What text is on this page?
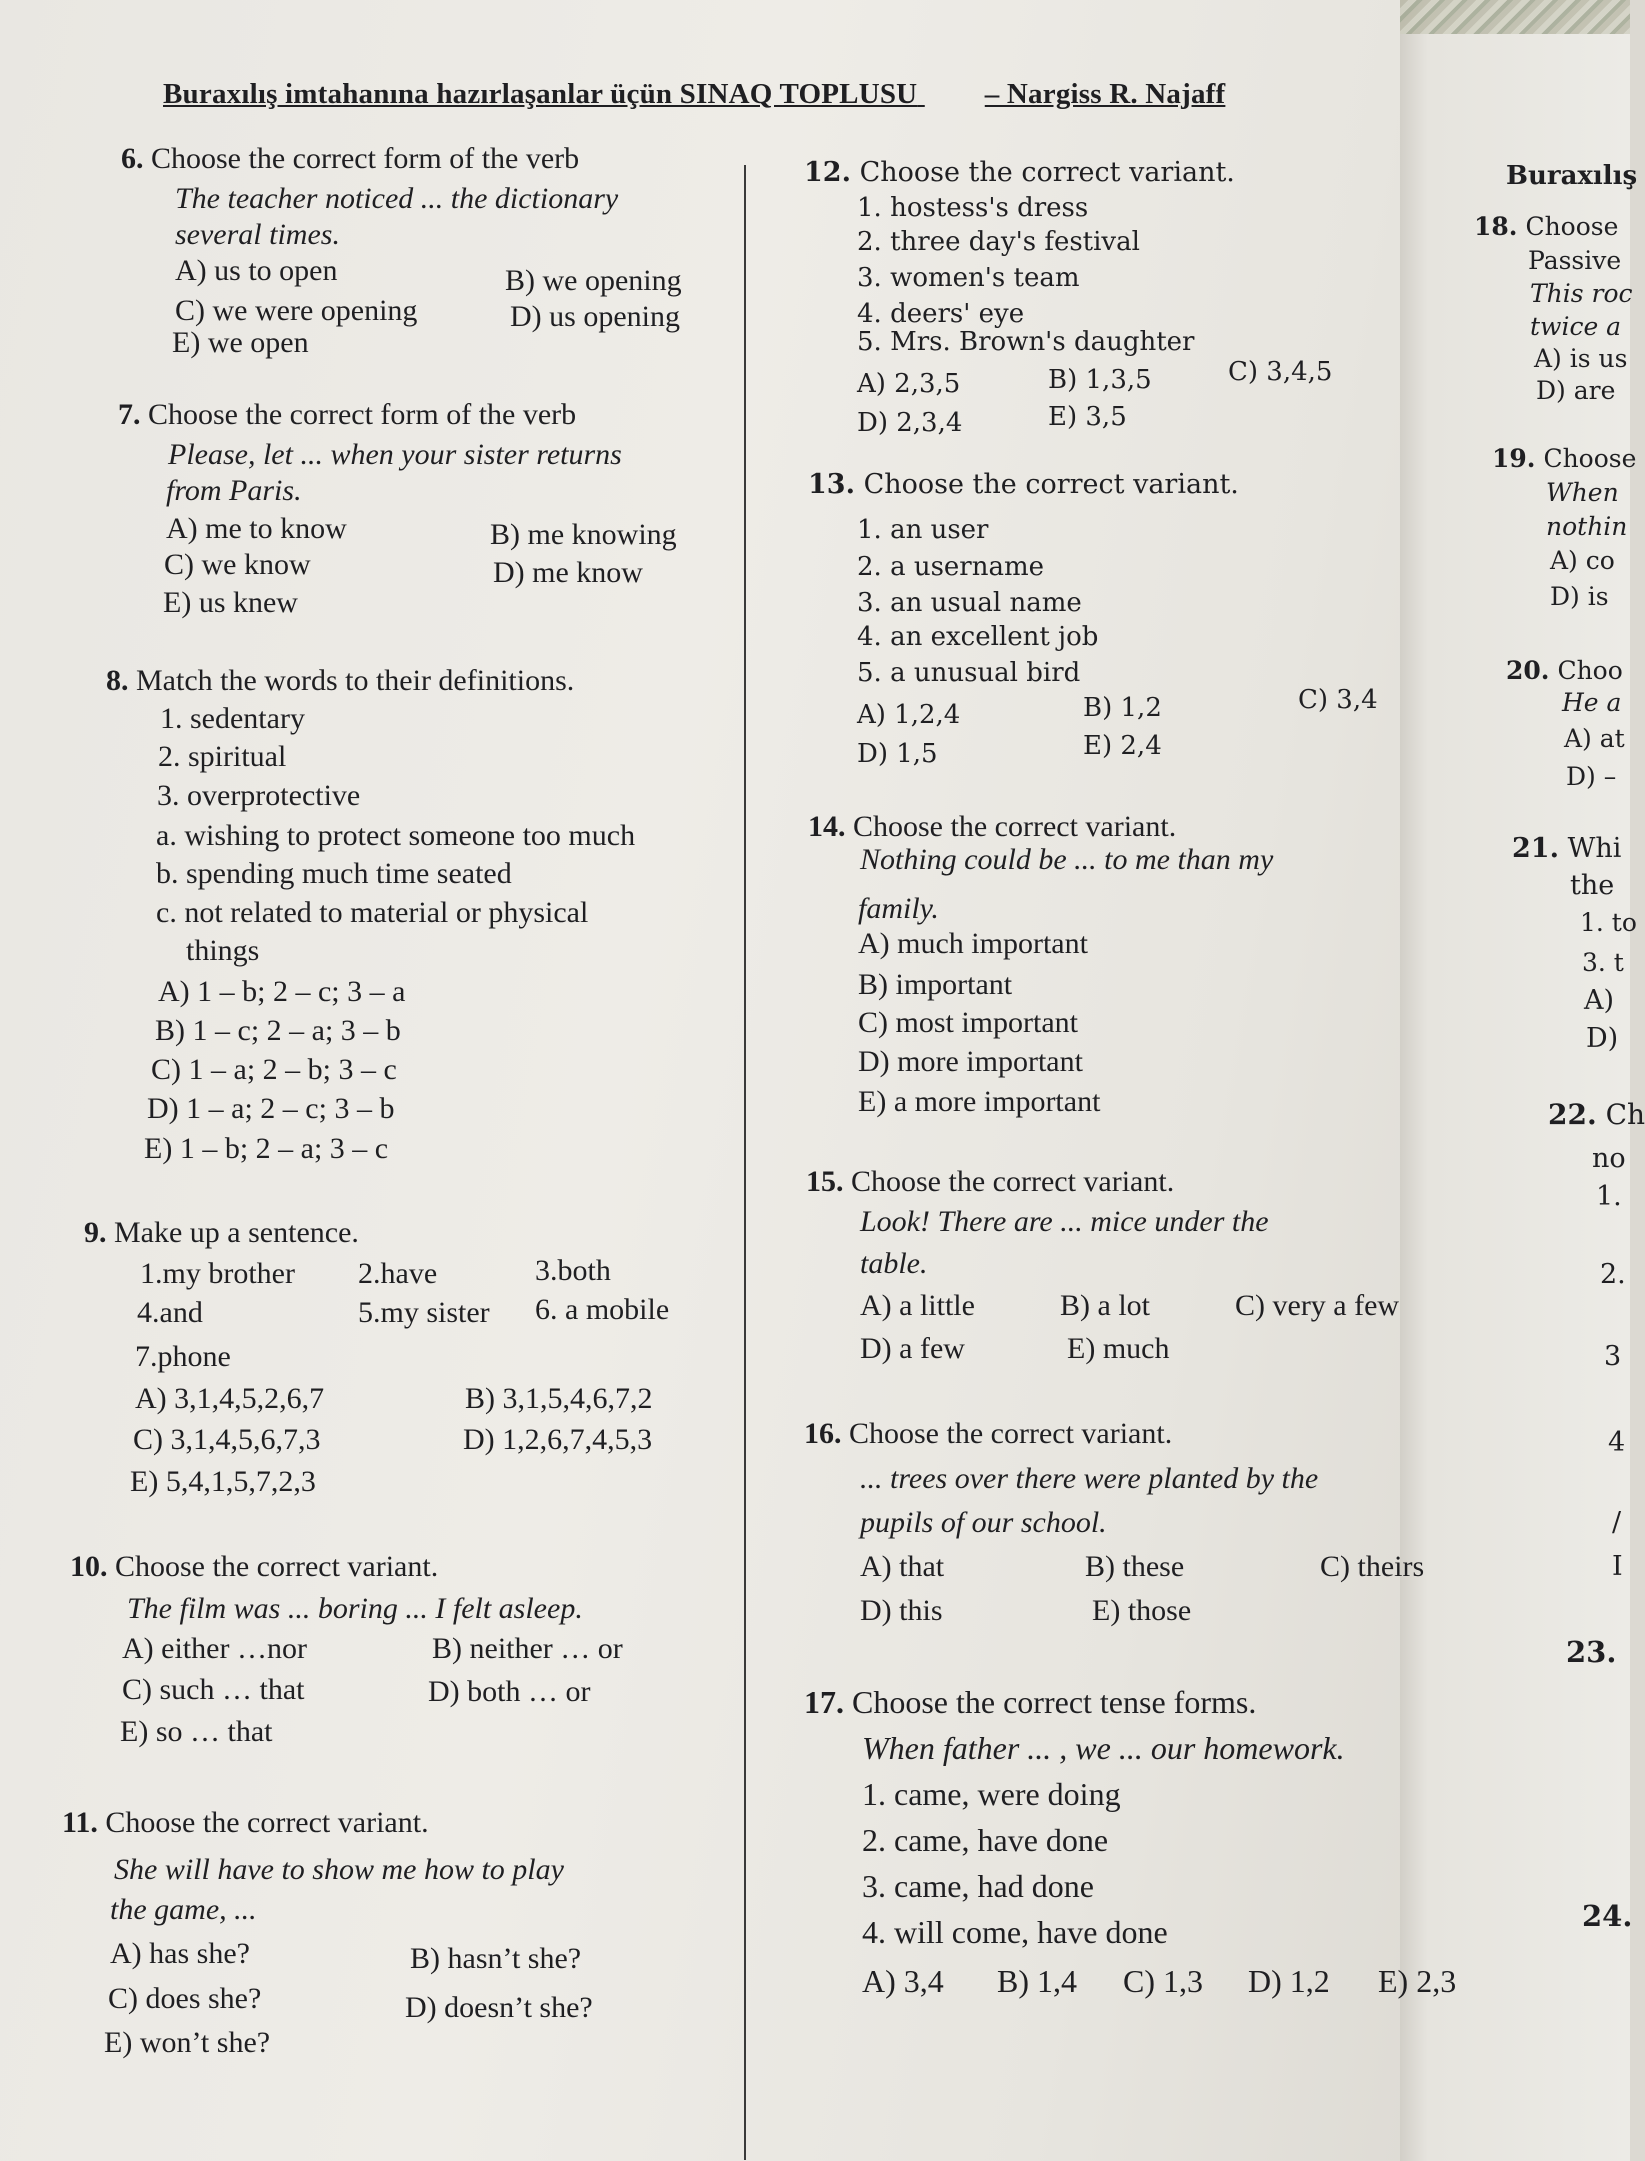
Buraxılış imtahanına hazırlaşanlar üçün SINAQ TOPLUSU – Nargiss R. Najaff
6. Choose the correct form of the verb
The teacher noticed ... the dictionary
several times.
A) us to open	B) we opening
C) we were opening	D) us opening
E) we open
7. Choose the correct form of the verb
Please, let ... when your sister returns
from Paris.
A) me to know	B) me knowing
C) we know	D) me know
E) us knew
8. Match the words to their definitions.
1. sedentary
2. spiritual
3. overprotective
a. wishing to protect someone too much
b. spending much time seated
c. not related to material or physical
things
A) 1 – b; 2 – c; 3 – a
B) 1 – c; 2 – a; 3 – b
C) 1 – a; 2 – b; 3 – c
D) 1 – a; 2 – c; 3 – b
E) 1 – b; 2 – a; 3 – c
9. Make up a sentence.
1.my brother 2.have	3.both
4.and	5.my sister 6. a mobile
7.phone
A) 3,1,4,5,2,6,7	B) 3,1,5,4,6,7,2
C) 3,1,4,5,6,7,3	D) 1,2,6,7,4,5,3
E) 5,4,1,5,7,2,3
10. Choose the correct variant.
The film was ... boring ... I felt asleep.
A) either …nor	B) neither … or
C) such … that	D) both … or
E) so … that
11. Choose the correct variant.
She will have to show me how to play
the game, ...
A) has she?	B) hasn’t she?
C) does she?	D) doesn’t she?
E) won’t she?
12. Choose the correct variant.
1. hostess's dress
2. three day's festival
3. women's team
4. deers' eye
5. Mrs. Brown's daughter
A) 2,3,5	B) 1,3,5	C) 3,4,5
D) 2,3,4	E) 3,5
13. Choose the correct variant.
1. an user
2. a username
3. an usual name
4. an excellent job
5. a unusual bird
A) 1,2,4	B) 1,2	C) 3,4
D) 1,5	E) 2,4
14. Choose the correct variant.
Nothing could be ... to me than my
family.
A) much important
B) important
C) most important
D) more important
E) a more important
15. Choose the correct variant.
Look! There are ... mice under the
table.
A) a little	B) a lot	C) very a few
D) a few	E) much
16. Choose the correct variant.
... trees over there were planted by the
pupils of our school.
A) that	B) these	C) theirs
D) this	E) those
17. Choose the correct tense forms.
When father ... , we ... our homework.
1. came, were doing
2. came, have done
3. came, had done
4. will come, have done
A) 3,4 B) 1,4 C) 1,3 D) 1,2 E) 2,3
Buraxılış
18. Choose
Passive
This roc
twice a
A) is us
D) are
19. Choose
When
nothin
A) co
D) is
20. Choo
He a
A) at
D) –
21. Whi
the
1. to
3. t
A)
D)
22. Ch
no
1.
2.
3
4
/
I
23.
24.
